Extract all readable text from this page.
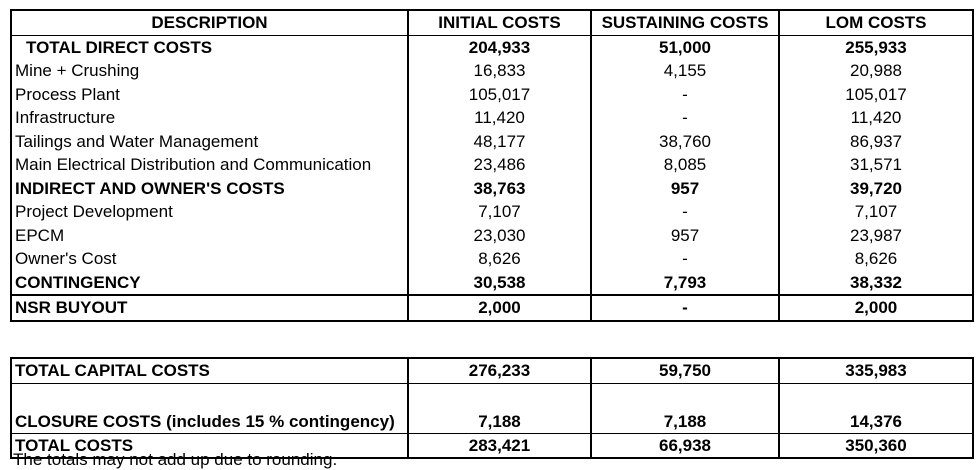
DESCRIPTION	INITIAL COSTS	SUSTAINING COSTS	LOM COSTS
TOTAL DIRECT COSTS	204,933	51,000	255,933
Mine + Crushing	16,833	4,155	20,988
Process Plant	105,017	-	105,017
Infrastructure	11,420	-	11,420
Tailings and Water Management	48,177	38,760	86,937
Main Electrical Distribution and Communication	23,486	8,085	31,571
INDIRECT AND OWNER'S COSTS	38,763	957	39,720
Project Development	7,107	-	7,107
EPCM	23,030	957	23,987
Owner's Cost	8,626	-	8,626
CONTINGENCY	30,538	7,793	38,332
NSR BUYOUT	2,000	-	2,000
TOTAL CAPITAL COSTS	276,233	59,750	335,983
CLOSURE COSTS (includes 15 % contingency)	7,188	7,188	14,376
TOTAL COSTS	283,421	66,938	350,360
The totals may not add up due to rounding.
